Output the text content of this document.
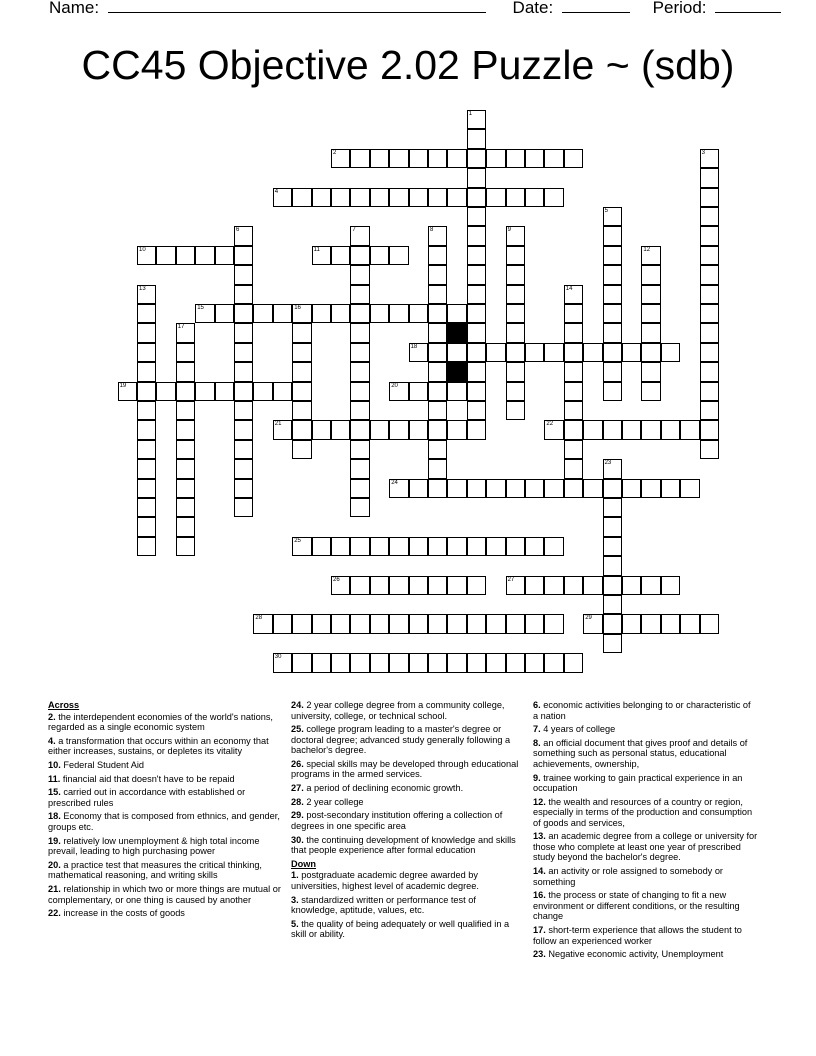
Name:	Date:	Period:
CC45 Objective 2.02 Puzzle ~ (sdb)
1
2	3
4
5
6	7	8	9
10	11	12
13	14
15	16
17
18
19	20
21	22
23
24
25
26	27
28	29
30
Across
2. the interdependent economies of the world's nations, regarded as a single economic system
4. a transformation that occurs within an economy that either increases, sustains, or depletes its vitality
10. Federal Student Aid
11. financial aid that doesn't have to be repaid
15. carried out in accordance with established or prescribed rules
18. Economy that is composed from ethnics, and gender, groups etc.
19. relatively low unemployment & high total income prevail, leading to high purchasing power
20. a practice test that measures the critical thinking, mathematical reasoning, and writing skills
21. relationship in which two or more things are mutual or complementary, or one thing is caused by another
22. increase in the costs of goods
24. 2 year college degree from a community college, university, college, or technical school.
25. college program leading to a master's degree or doctoral degree; advanced study generally following a bachelor's degree.
26. special skills may be developed through educational programs in the armed services.
27. a period of declining economic growth.
28. 2 year college
29. post-secondary institution offering a collection of degrees in one specific area
30. the continuing development of knowledge and skills that people experience after formal education
Down
1. postgraduate academic degree awarded by universities, highest level of academic degree.
3. standardized written or performance test of knowledge, aptitude, values, etc.
5. the quality of being adequately or well qualified in a skill or ability.
6. economic activities belonging to or characteristic of a nation
7. 4 years of college
8. an official document that gives proof and details of something such as personal status, educational achievements, ownership,
9. trainee working to gain practical experience in an occupation
12. the wealth and resources of a country or region, especially in terms of the production and consumption of goods and services,
13. an academic degree from a college or university for those who complete at least one year of prescribed study beyond the bachelor's degree.
14. an activity or role assigned to somebody or something
16. the process or state of changing to fit a new environment or different conditions, or the resulting change
17. short-term experience that allows the student to follow an experienced worker
23. Negative economic activity, Unemployment
